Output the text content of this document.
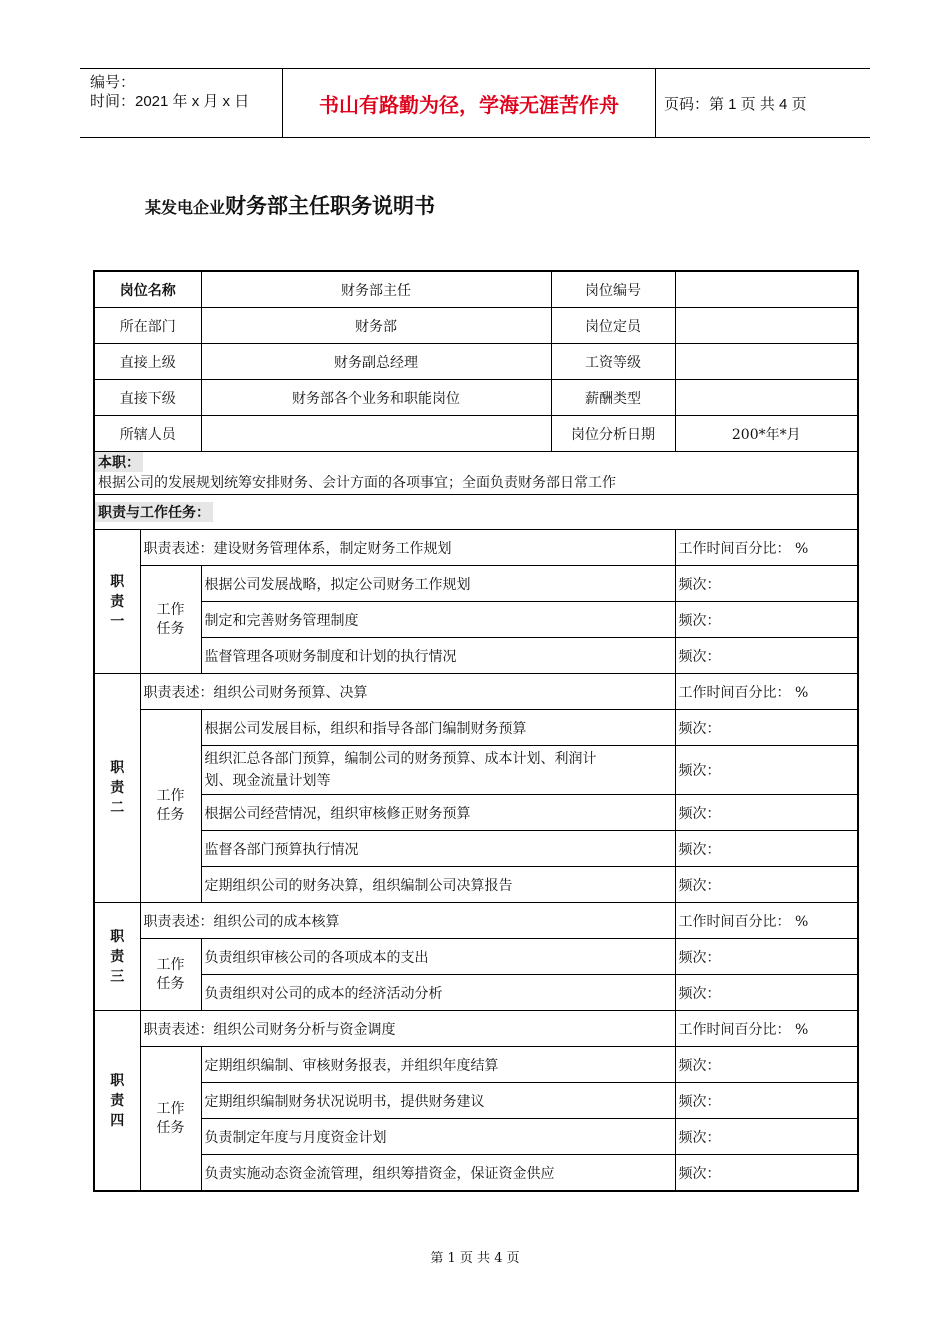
编号：
时间：2021 年 x 月 x 日	书山有路勤为径，学海无涯苦作舟	页码：第 1 页 共 4 页
某发电企业财务部主任职务说明书
岗位名称		财务部主任	岗位编号	
所在部门		财务部	岗位定员	
直接上级		财务副总经理	工资等级	
直接下级		财务部各个业务和职能岗位	薪酬类型	
所辖人员			岗位分析日期	200*年*月

本职：
根据公司的发展规划统筹安排财务、会计方面的各项事宜；全面负责财务部日常工作				

职责与工作任务：				

职
责
一	职责表述：建设财务管理体系，制定财务工作规划			工作时间百分比： %

	工作
任务	根据公司发展战略，拟定公司财务工作规划		频次：
		制定和完善财务管理制度		频次：
		监督管理各项财务制度和计划的执行情况		频次：

职
责
二	职责表述：组织公司财务预算、决算			工作时间百分比： %

	工作
任务	根据公司发展目标，组织和指导各部门编制财务预算		频次：

		组织汇总各部门预算，编制公司的财务预算、成本计划、利润计
划、现金流量计划等		频次：
		根据公司经营情况，组织审核修正财务预算		频次：
		监督各部门预算执行情况		频次：
		定期组织公司的财务决算，组织编制公司决算报告		频次：

职
责
三	职责表述：组织公司的成本核算			工作时间百分比： %

	工作
任务	负责组织审核公司的各项成本的支出		频次：
		负责组织对公司的成本的经济活动分析		频次：

职
责
四	职责表述：组织公司财务分析与资金调度			工作时间百分比： %

	工作
任务	定期组织编制、审核财务报表，并组织年度结算		频次：
		定期组织编制财务状况说明书，提供财务建议		频次：
		负责制定年度与月度资金计划		频次：
		负责实施动态资金流管理，组织筹措资金，保证资金供应		频次：
第 1 页 共 4 页
